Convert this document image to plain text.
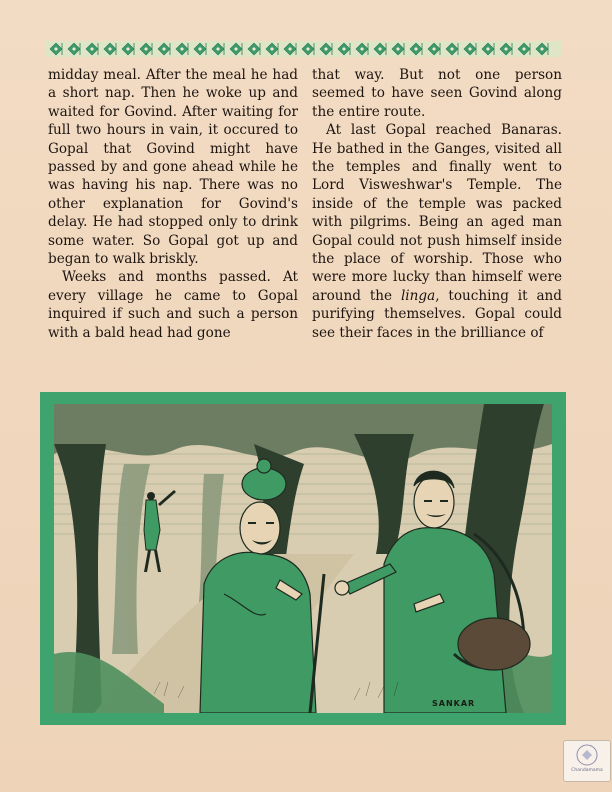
midday meal. After the meal he had a short nap. Then he woke up and waited for Govind. After waiting for full two hours in vain, it occured to Gopal that Govind might have passed by and gone ahead while he was having his nap. There was no other explanation for Govind's delay. He had stopped only to drink some water. So Gopal got up and began to walk briskly.

Weeks and months passed. At every village he came to Gopal inquired if such and such a person with a bald head had gone

that way. But not one person seemed to have seen Govind along the entire route.

At last Gopal reached Banaras. He bathed in the Ganges, visited all the temples and finally went to Lord Visweshwar's Temple. The inside of the temple was packed with pilgrims. Being an aged man Gopal could not push himself inside the place of worship. Those who were more lucky than himself were around the linga, touching it and purifying themselves. Gopal could see their faces in the brilliance of

SANKAR
Chandamama
